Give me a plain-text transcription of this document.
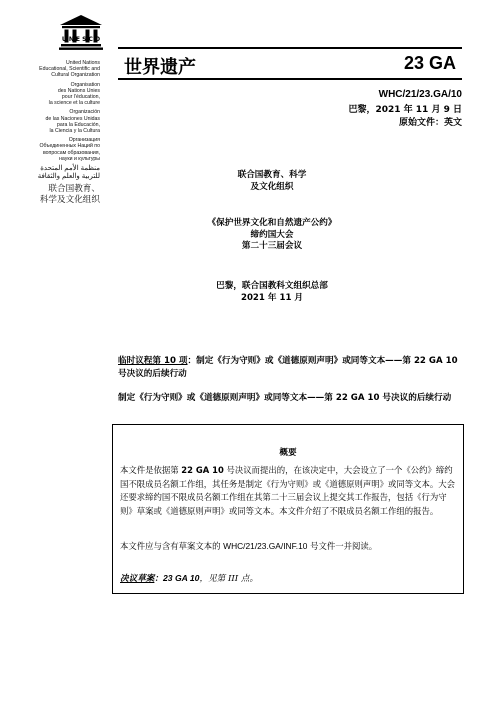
U N E S C O
United Nations
Educational, Scientific and
Cultural Organization
Organisation
des Nations Unies
pour l’éducation,
la science et la culture
Organización
de las Naciones Unidas
para la Educación,
la Ciencia y la Cultura
Организация
Объединенных Наций по
вопросам образования,
науки и культуры
منظمة الأمم المتحدة
للتربية والعلم والثقافة
联合国教育、
科学及文化组织
世界遗产	23 GA
WHC/21/23.GA/10
巴黎，2021 年 11 月 9 日
原始文件：英文
联合国教育、科学
及文化组织
《保护世界文化和自然遗产公约》
缔约国大会
第二十三届会议
巴黎，联合国教科文组织总部
2021 年 11 月
临时议程第 10 项：制定《行为守则》或《道德原则声明》或同等文本——第 22 GA 10 号决议的后续行动
制定《行为守则》或《道德原则声明》或同等文本——第 22 GA 10 号决议的后续行动
概要
本文件是依据第 22 GA 10 号决议而提出的，在该决定中，大会设立了一个《公约》缔约国不限成员名额工作组，其任务是制定《行为守则》或《道德原则声明》或同等文本。大会还要求缔约国不限成员名额工作组在其第二十三届会议上提交其工作报告，包括《行为守则》草案或《道德原则声明》或同等文本。本文件介绍了不限成员名额工作组的报告。
本文件应与含有草案文本的 WHC/21/23.GA/INF.10 号文件一并阅读。
决议草案：23 GA 10，见第 III 点。
